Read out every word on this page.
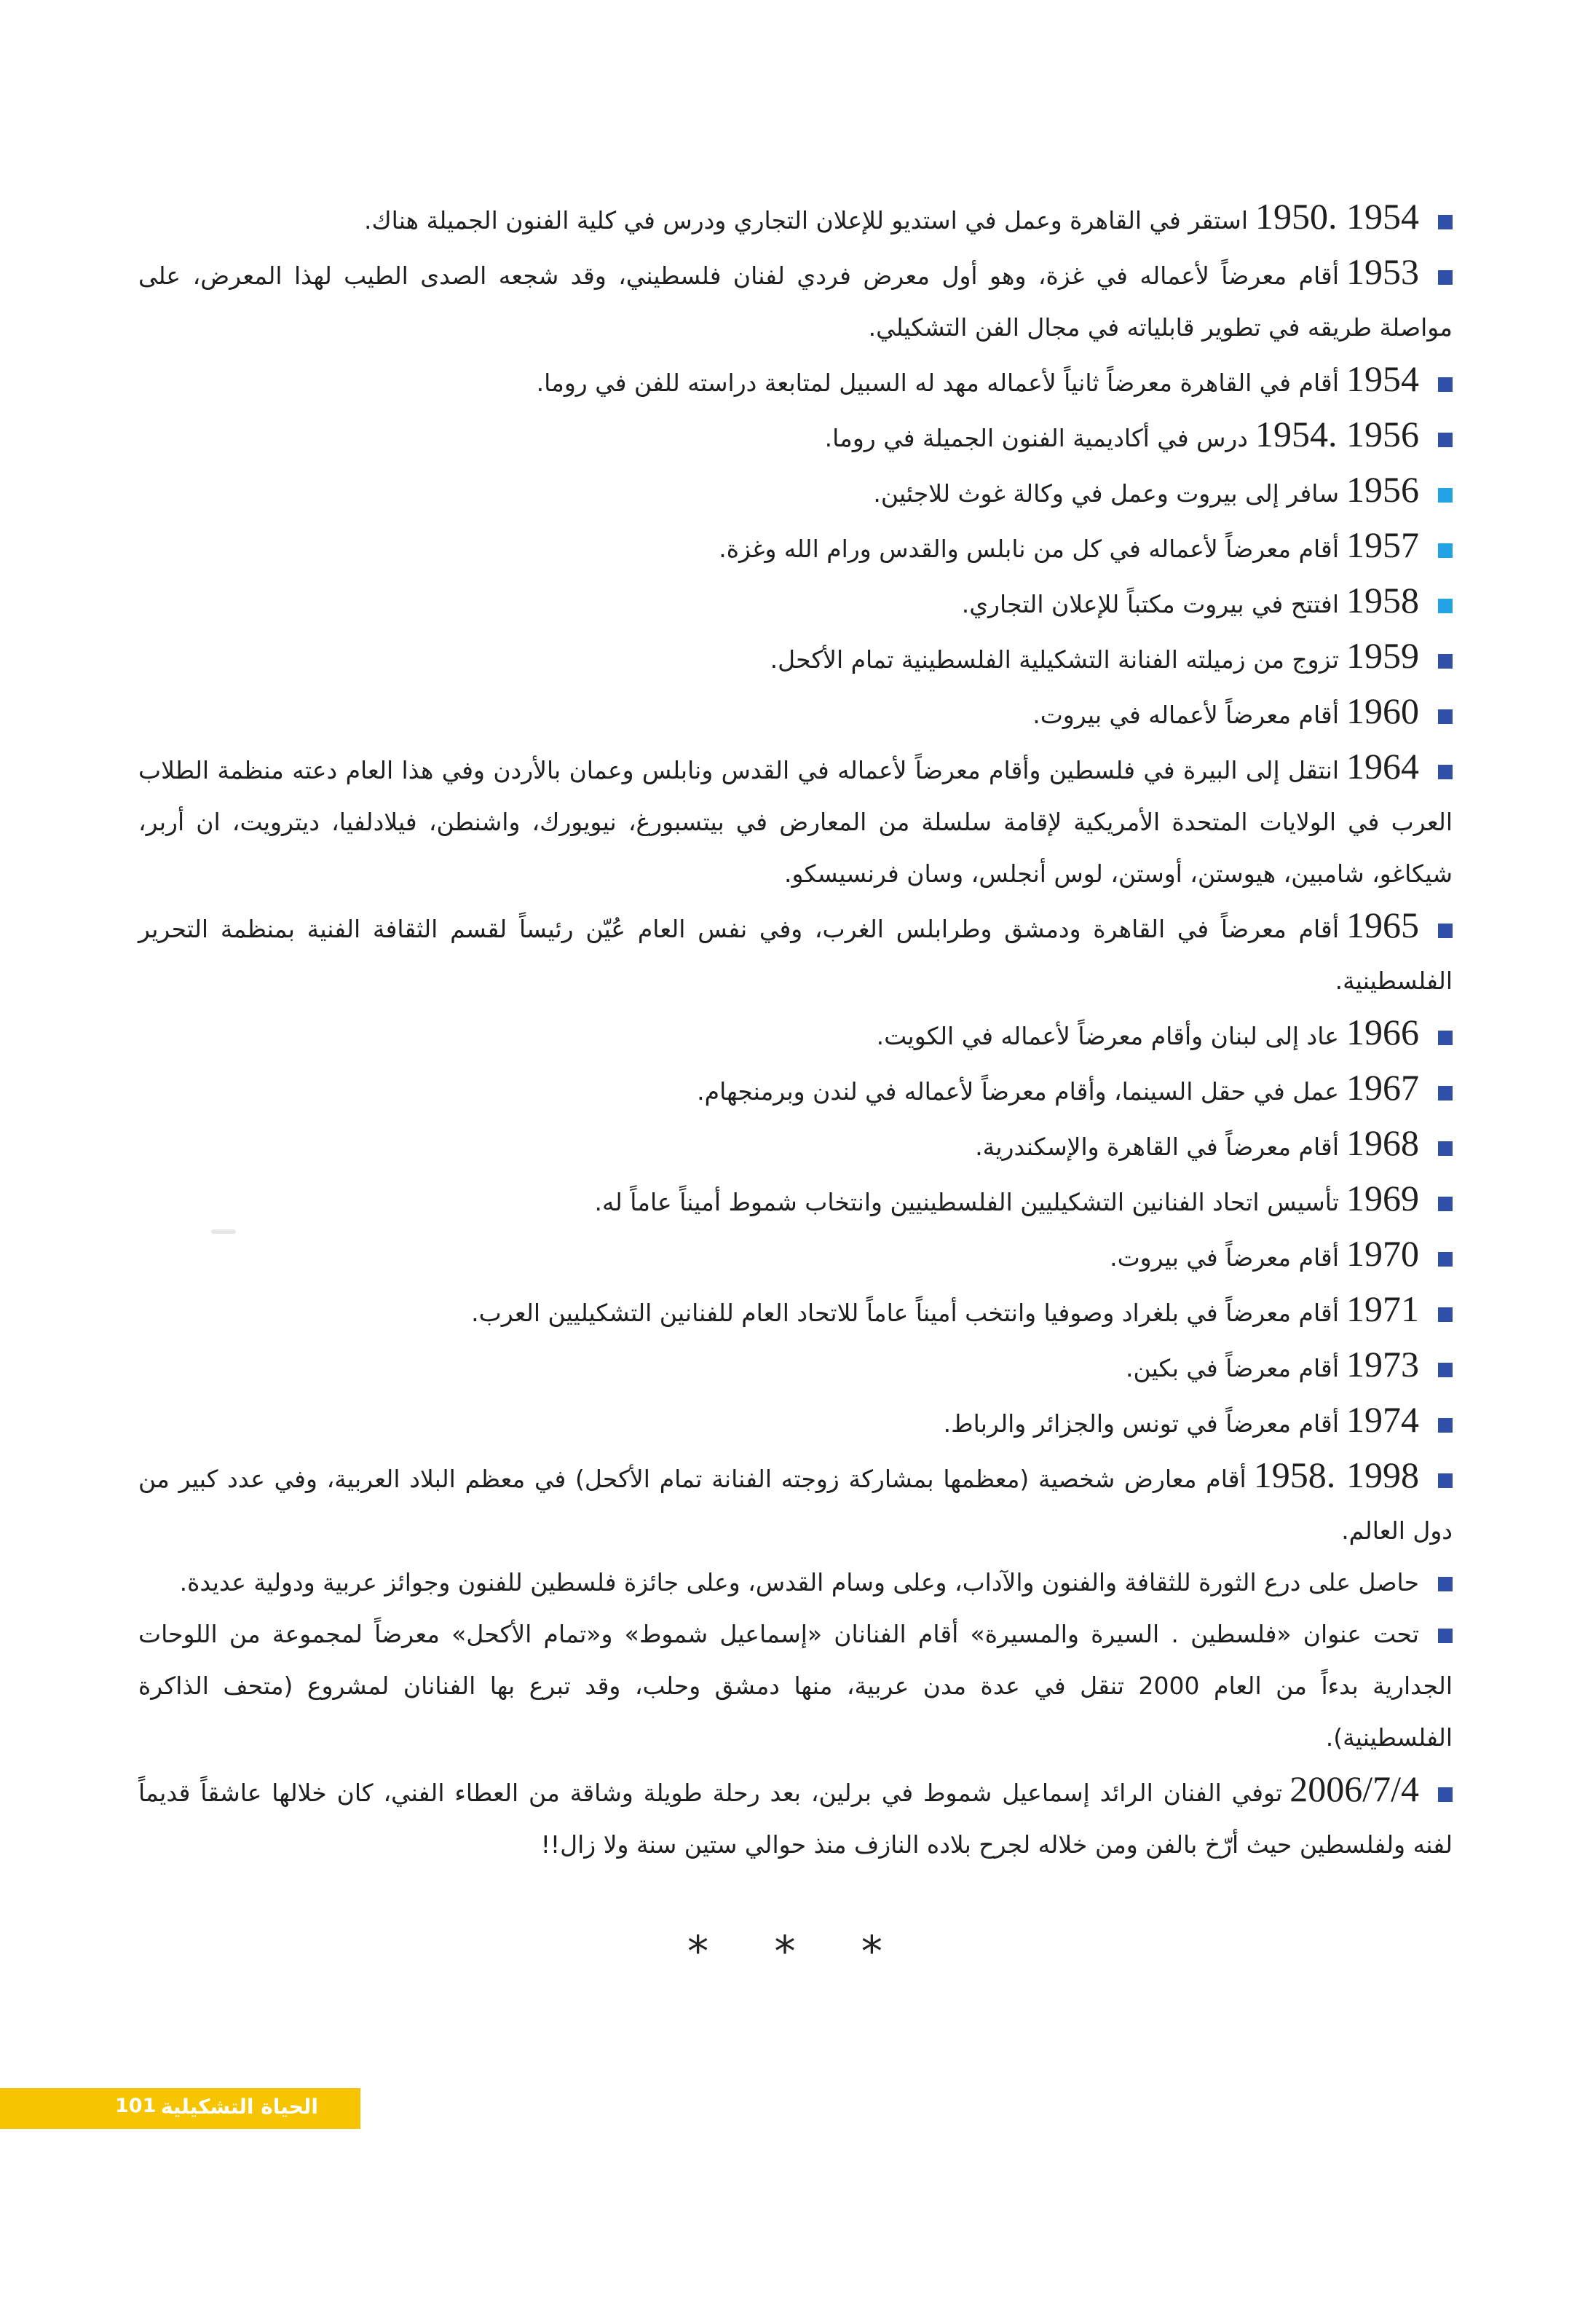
1954 .1950استقر في القاهرة وعمل في استديو للإعلان التجاري ودرس في كلية الفنون الجميلة هناك.
1953أقام معرضاً لأعماله في غزة، وهو أول معرض فردي لفنان فلسطيني، وقد شجعه الصدى الطيب لهذا المعرض، على مواصلة طريقه في تطوير قابلياته في مجال الفن التشكيلي.
1954أقام في القاهرة معرضاً ثانياً لأعماله مهد له السبيل لمتابعة دراسته للفن في روما.
1956 .1954درس في أكاديمية الفنون الجميلة في روما.
1956سافر إلى بيروت وعمل في وكالة غوث للاجئين.
1957أقام معرضاً لأعماله في كل من نابلس والقدس ورام الله وغزة.
1958افتتح في بيروت مكتباً للإعلان التجاري.
1959تزوج من زميلته الفنانة التشكيلية الفلسطينية تمام الأكحل.
1960أقام معرضاً لأعماله في بيروت.
1964انتقل إلى البيرة في فلسطين وأقام معرضاً لأعماله في القدس ونابلس وعمان بالأردن وفي هذا العام دعته منظمة الطلاب العرب في الولايات المتحدة الأمريكية لإقامة سلسلة من المعارض في بيتسبورغ، نيويورك، واشنطن، فيلادلفيا، ديترويت، ان أربر، شيكاغو، شامبين، هيوستن، أوستن، لوس أنجلس، وسان فرنسيسكو.
1965أقام معرضاً في القاهرة ودمشق وطرابلس الغرب، وفي نفس العام عُيّن رئيساً لقسم الثقافة الفنية بمنظمة التحرير الفلسطينية.
1966عاد إلى لبنان وأقام معرضاً لأعماله في الكويت.
1967عمل في حقل السينما، وأقام معرضاً لأعماله في لندن وبرمنجهام.
1968أقام معرضاً في القاهرة والإسكندرية.
1969تأسيس اتحاد الفنانين التشكيليين الفلسطينيين وانتخاب شموط أميناً عاماً له.
1970أقام معرضاً في بيروت.
1971أقام معرضاً في بلغراد وصوفيا وانتخب أميناً عاماً للاتحاد العام للفنانين التشكيليين العرب.
1973أقام معرضاً في بكين.
1974أقام معرضاً في تونس والجزائر والرباط.
1998 .1958أقام معارض شخصية (معظمها بمشاركة زوجته الفنانة تمام الأكحل) في معظم البلاد العربية، وفي عدد كبير من دول العالم.
حاصل على درع الثورة للثقافة والفنون والآداب، وعلى وسام القدس، وعلى جائزة فلسطين للفنون وجوائز عربية ودولية عديدة.
تحت عنوان «فلسطين . السيرة والمسيرة» أقام الفنانان «إسماعيل شموط» و«تمام الأكحل» معرضاً لمجموعة من اللوحات الجدارية بدءاً من العام 2000 تنقل في عدة مدن عربية، منها دمشق وحلب، وقد تبرع بها الفنانان لمشروع (متحف الذاكرة الفلسطينية).
2006/7/4توفي الفنان الرائد إسماعيل شموط في برلين، بعد رحلة طويلة وشاقة من العطاء الفني، كان خلالها عاشقاً قديماً لفنه ولفلسطين حيث أرّخ بالفن ومن خلاله لجرح بلاده النازف منذ حوالي ستين سنة ولا زال!!
* * *
الحياة التشكيلية
101
